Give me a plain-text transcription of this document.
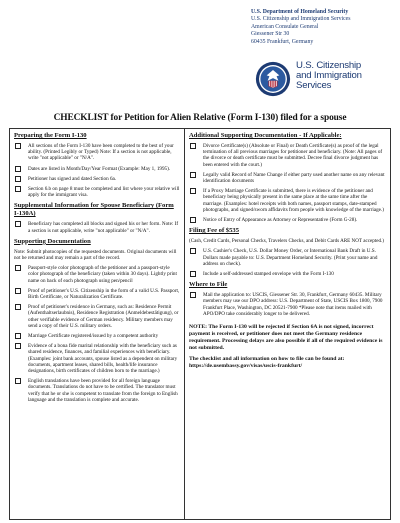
U.S. Department of Homeland Security
U.S. Citizenship and Immigration Services
American Consulate General
Giessener Str 30
60435 Frankfurt, Germany
U.S. Citizenship
and Immigration
Services
CHECKLIST for Petition for Alien Relative (Form I-130) filed for a spouse
Preparing the Form I-130
All sections of the Form I-130 have been completed to the best of your ability. (Printed Legibly or Typed) Note: If a section is not applicable, write "not applicable" or "N/A".
Dates are listed in Month/Day/Year Format (Example: May 1, 1995).
Petitioner has signed and dated Section 6a.
Section 6.b on page 8 must be completed and list where your relative will apply for the immigrant visa.
Supplemental Information for Spouse Beneficiary (Form I-130A)
Beneficiary has completed all blocks and signed his or her form. Note: If a section is not applicable, write "not applicable" or "N/A".
Supporting Documentation
Note: Submit photocopies of the requested documents. Original documents will not be returned and may remain a part of the record.
Passport-style color photograph of the petitioner and a passport-style color photograph of the beneficiary (taken within 30 days). Lightly print name on back of each photograph using pen/pencil
Proof of petitioner's U.S. Citizenship in the form of a valid U.S. Passport, Birth Certificate, or Naturalization Certificate.
Proof of petitioner's residence in Germany, such as: Residence Permit (Aufenthaltserlaubnis), Residence Registration (Anmeldebestätigung), or other verifiable evidence of German residency. Military members may send a copy of their U.S. military orders.
Marriage Certificate registered/issued by a competent authority
Evidence of a bona fide marital relationship with the beneficiary such as shared residence, finances, and familial experiences with beneficiary. (Examples: joint bank accounts, spouse listed as a dependent on military documents, apartment leases, shared bills, health/life insurance designations, birth certificates of children born to the marriage.)
English translations have been provided for all foreign language documents. Translations do not have to be certified. The translator must verify that he or she is competent to translate from the foreign to English language and the translation is complete and accurate.
Additional Supporting Documentation - If Applicable:
Divorce Certificate(s) (Absolute or Final) or Death Certificate(s) as proof of the legal termination of all previous marriages for petitioner and beneficiary. (Note: All pages of the divorce or death certificate must be submitted. Decree final divorce judgment has been entered with the court.)
Legally valid Record of Name Change if either party used another name on any relevant identification documents
If a Proxy Marriage Certificate is submitted, there is evidence of the petitioner and beneficiary being physically present in the same place at the same time after the marriage. (Examples: hotel receipts with both names, passport stamps, date-stamped photographs, and signed/sworn affidavits from people with knowledge of the marriage.)
Notice of Entry of Appearance as Attorney or Representative (Form G-28).
Filing Fee of $535
(Cash, Credit Cards, Personal Checks, Travelers Checks, and Debit Cards ARE NOT accepted.)
U.S. Cashier's Check, U.S. Dollar Money Order, or International Bank Draft in U.S. Dollars made payable to: U.S. Department Homeland Security. (Print your name and address on check).
Include a self-addressed stamped envelope with the Form I-130
Where to File
Mail the application to: USCIS, Giessener Str. 30, Frankfurt, Germany 60435. Military members may use our DPO address: U.S. Department of State, USCIS Box 1800, 7900 Frankfurt Place, Washington, DC 20521-7900 *Please note that items mailed with APO/DPO take considerably longer to be delivered.
NOTE: The Form I-130 will be rejected if Section 6A is not signed, incorrect payment is received, or petitioner does not meet the Germany residence requirement. Processing delays are also possible if all of the required evidence is not submitted.
The checklist and all information on how to file can be found at: https://de.usembassy.gov/visas/uscis-frankfurt/
